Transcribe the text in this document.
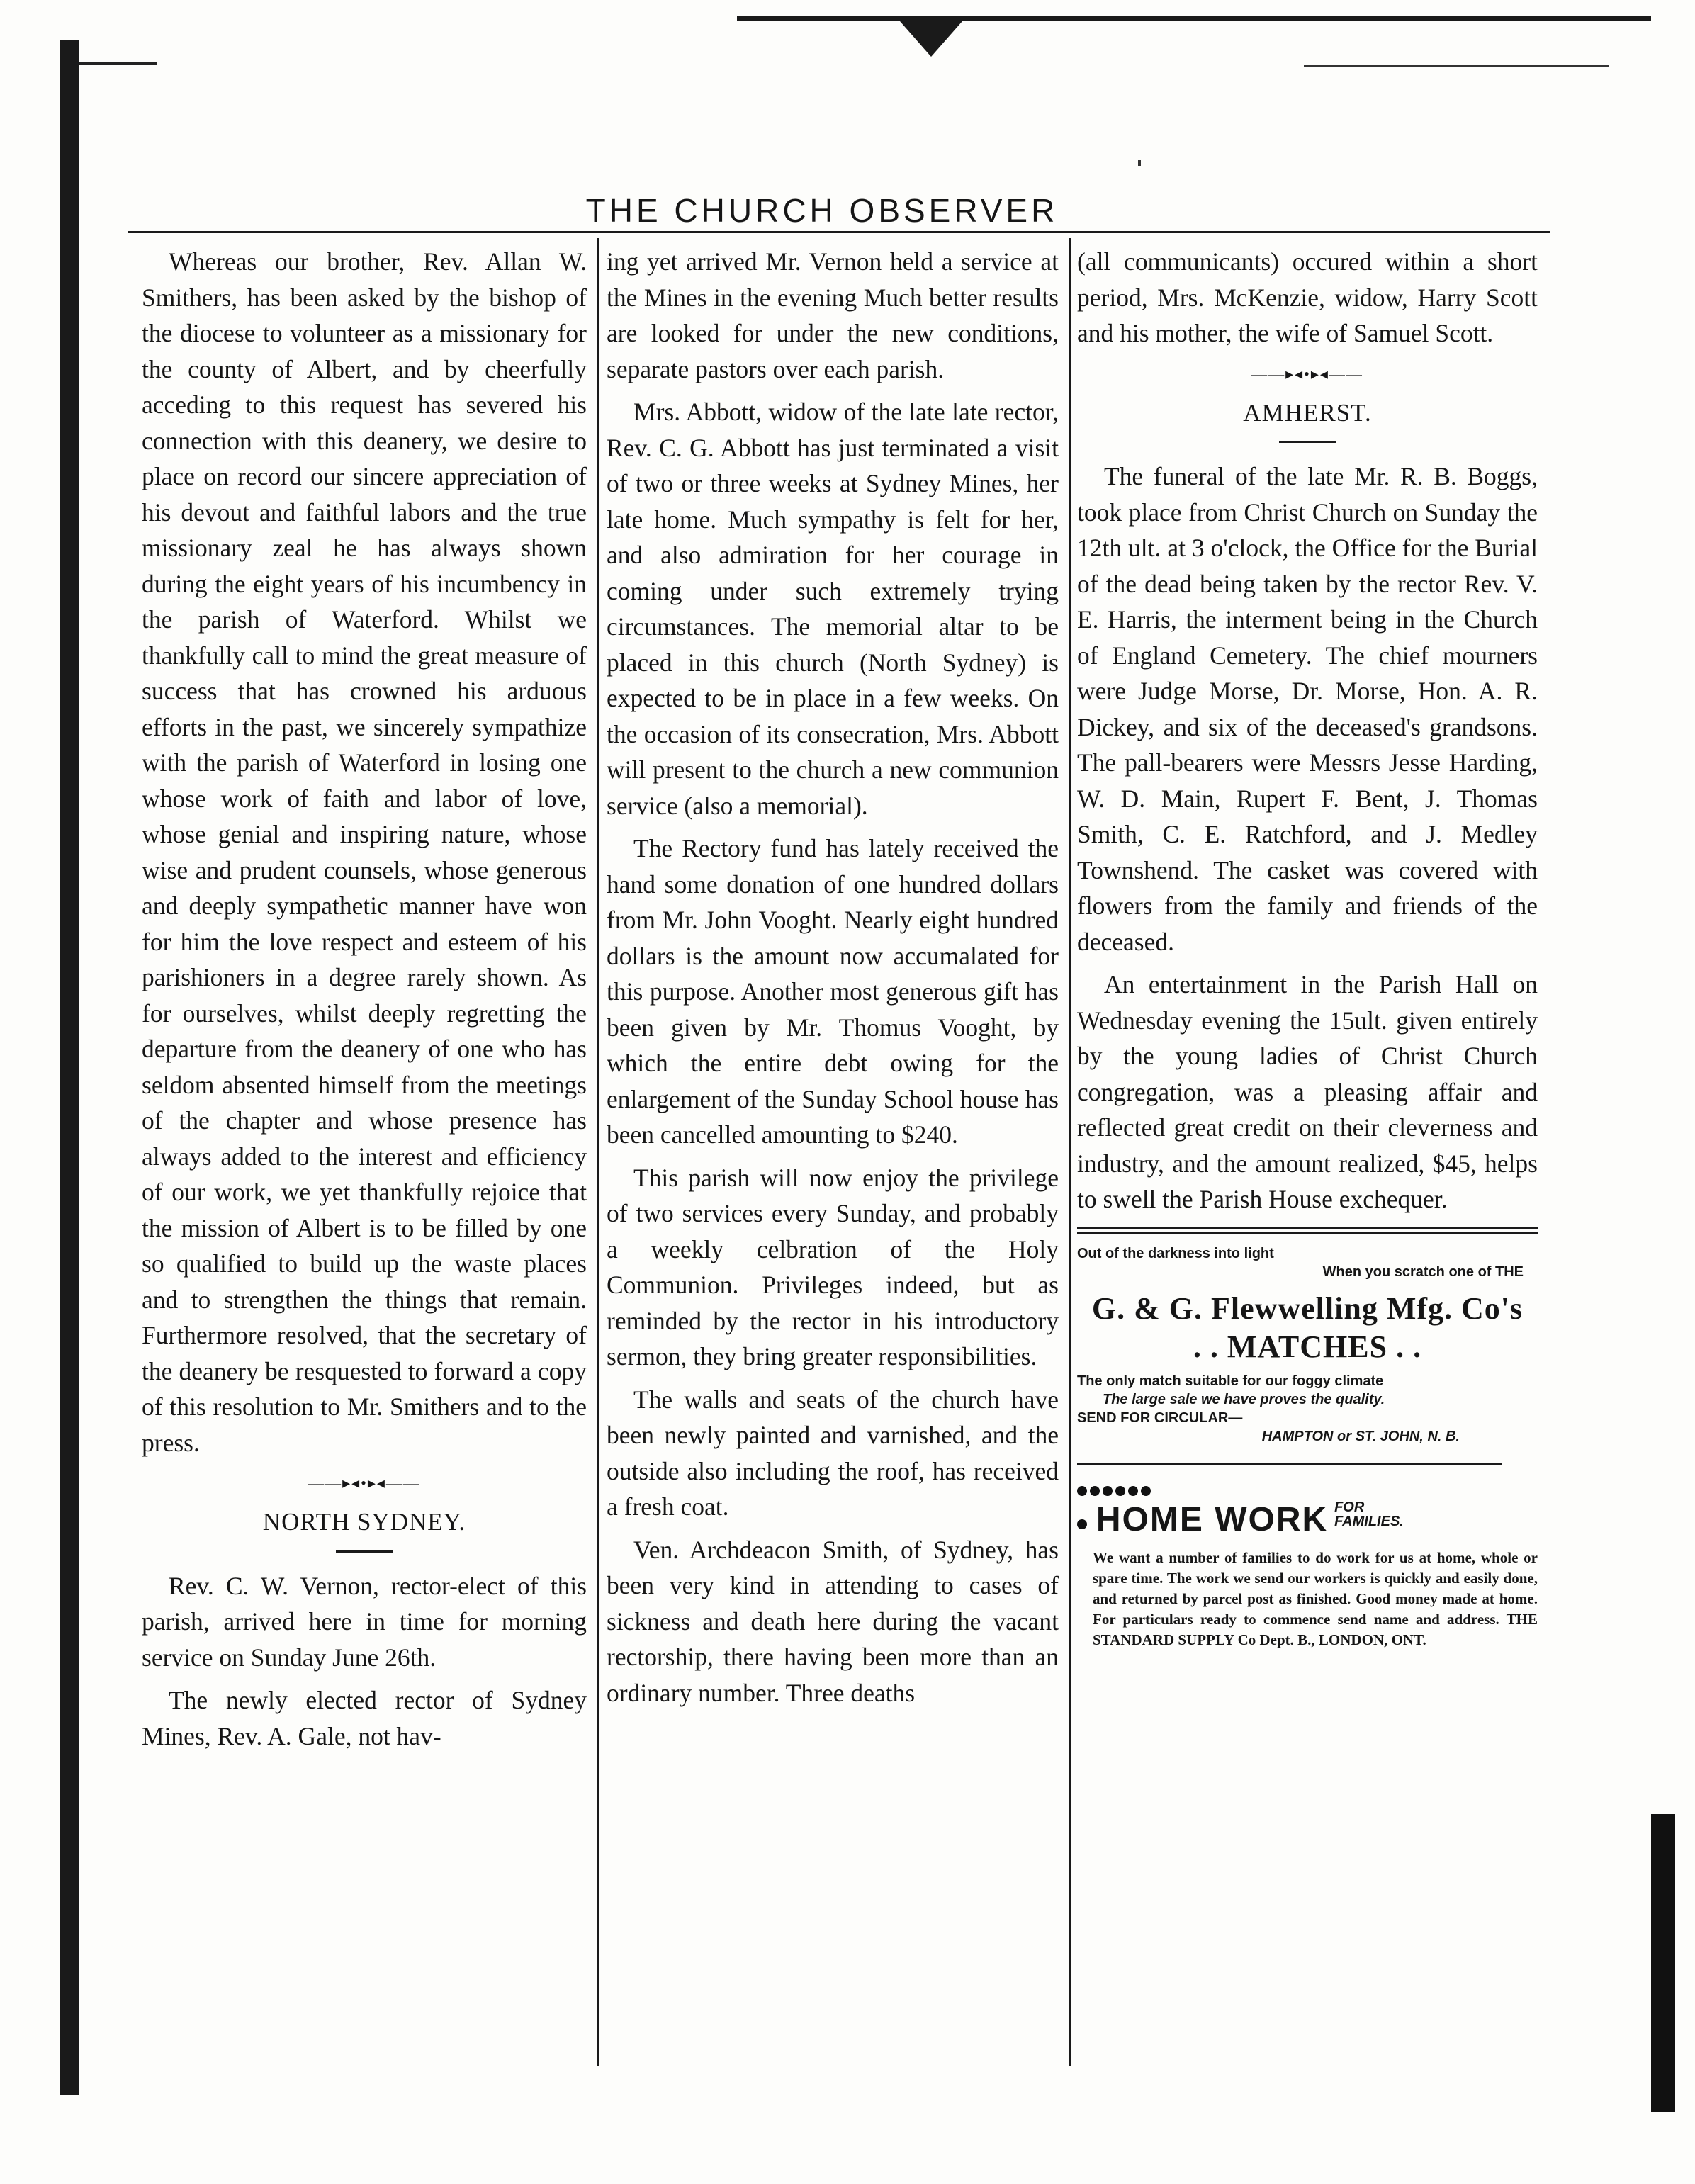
THE CHURCH OBSERVER

Whereas our brother, Rev. Allan W. Smithers, has been asked by the bishop of the diocese to volunteer as a missionary for the county of Albert, and by cheerfully acceding to this request has severed his connection with this deanery, we desire to place on record our sincere appreciation of his devout and faithful labors and the true missionary zeal he has always shown during the eight years of his incumbency in the parish of Waterford. Whilst we thankfully call to mind the great measure of success that has crowned his arduous efforts in the past, we sincerely sympathize with the parish of Waterford in losing one whose work of faith and labor of love, whose genial and inspiring nature, whose wise and prudent counsels, whose generous and deeply sympathetic manner have won for him the love respect and esteem of his parishioners in a degree rarely shown. As for ourselves, whilst deeply regretting the departure from the deanery of one who has seldom absented himself from the meetings of the chapter and whose presence has always added to the interest and efficiency of our work, we yet thankfully rejoice that the mission of Albert is to be filled by one so qualified to build up the waste places and to strengthen the things that remain. Furthermore resolved, that the secretary of the deanery be resquested to forward a copy of this resolution to Mr. Smithers and to the press.

——▸◂•▸◂——
NORTH SYDNEY.

Rev. C. W. Vernon, rector-elect of this parish, arrived here in time for morning service on Sunday June 26th.

The newly elected rector of Sydney Mines, Rev. A. Gale, not hav-

ing yet arrived Mr. Vernon held a service at the Mines in the evening Much better results are looked for under the new conditions, separate pastors over each parish.

Mrs. Abbott, widow of the late late rector, Rev. C. G. Abbott has just terminated a visit of two or three weeks at Sydney Mines, her late home. Much sympathy is felt for her, and also admiration for her courage in coming under such extremely trying circumstances. The memorial altar to be placed in this church (North Sydney) is expected to be in place in a few weeks. On the occasion of its consecration, Mrs. Abbott will present to the church a new communion service (also a memorial).

The Rectory fund has lately received the hand some donation of one hundred dollars from Mr. John Vooght. Nearly eight hundred dollars is the amount now accumalated for this purpose. Another most generous gift has been given by Mr. Thomus Vooght, by which the entire debt owing for the enlargement of the Sunday School house has been cancelled amounting to $240.

This parish will now enjoy the privilege of two services every Sunday, and probably a weekly celbration of the Holy Communion. Privileges indeed, but as reminded by the rector in his introductory sermon, they bring greater responsibilities.

The walls and seats of the church have been newly painted and varnished, and the outside also including the roof, has received a fresh coat.

Ven. Archdeacon Smith, of Sydney, has been very kind in attending to cases of sickness and death here during the vacant rectorship, there having been more than an ordinary number. Three deaths

(all communicants) occured within a short period, Mrs. McKenzie, widow, Harry Scott and his mother, the wife of Samuel Scott.

——▸◂•▸◂——
AMHERST.

The funeral of the late Mr. R. B. Boggs, took place from Christ Church on Sunday the 12th ult. at 3 o'clock, the Office for the Burial of the dead being taken by the rector Rev. V. E. Harris, the interment being in the Church of England Cemetery. The chief mourners were Judge Morse, Dr. Morse, Hon. A. R. Dickey, and six of the deceased's grandsons. The pall-bearers were Messrs Jesse Harding, W. D. Main, Rupert F. Bent, J. Thomas Smith, C. E. Ratchford, and J. Medley Townshend. The casket was covered with flowers from the family and friends of the deceased.

An entertainment in the Parish Hall on Wednesday evening the 15ult. given entirely by the young ladies of Christ Church congregation, was a pleasing affair and reflected great credit on their cleverness and industry, and the amount realized, $45, helps to swell the Parish House exchequer.

Out of the darkness into light
When you scratch one of THE
G. & G. Flewwelling Mfg. Co's
. . MATCHES . .
The only match suitable for our foggy climate
The large sale we have proves the quality.
SEND FOR CIRCULAR—
HAMPTON or ST. JOHN, N. B.
HOME WORK FOR
FAMILIES.
We want a number of families to do work for us at home, whole or spare time. The work we send our workers is quickly and easily done, and returned by parcel post as finished. Good money made at home. For particulars ready to commence send name and address. THE STANDARD SUPPLY Co Dept. B., LONDON, ONT.
